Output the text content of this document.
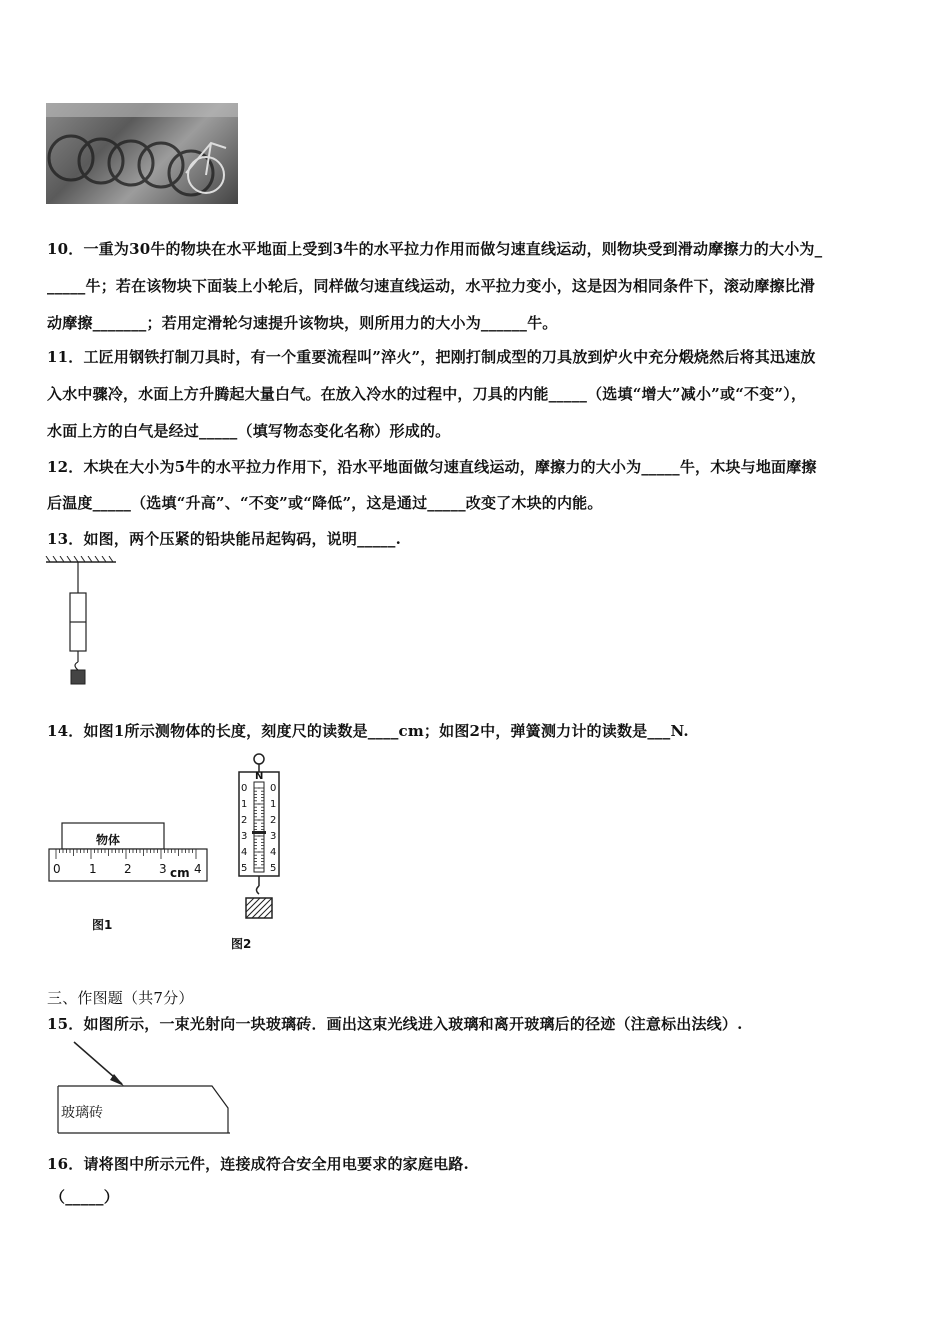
10．一重为30牛的物块在水平地面上受到3牛的水平拉力作用而做匀速直线运动，则物块受到滑动摩擦力的大小为_
_____牛；若在该物块下面装上小轮后，同样做匀速直线运动，水平拉力变小，这是因为相同条件下，滚动摩擦比滑
动摩擦_______；若用定滑轮匀速提升该物块，则所用力的大小为______牛。
11．工匠用钢铁打制刀具时，有一个重要流程叫”淬火”，把刚打制成型的刀具放到炉火中充分煅烧然后将其迅速放
入水中骤冷，水面上方升腾起大量白气。在放入冷水的过程中，刀具的内能_____（选填“增大”减小”或“不变”），
水面上方的白气是经过_____（填写物态变化名称）形成的。
12．木块在大小为5牛的水平拉力作用下，沿水平地面做匀速直线运动，摩擦力的大小为_____牛，木块与地面摩擦
后温度_____（选填“升高”、“不变”或“降低”，这是通过_____改变了木块的内能。
13．如图，两个压紧的铅块能吊起钩码，说明_____.
14．如图1所示测物体的长度，刻度尺的读数是____cm；如图2中，弹簧测力计的读数是___N.
物体
0 1 2 3 4
cm
图1
N
0
1
2
3
4
5
0
1
2
3
4
5
图2
三、作图题（共7分）
15．如图所示，一束光射向一块玻璃砖．画出这束光线进入玻璃和离开玻璃后的径迹（注意标出法线）.
玻璃砖
16．请将图中所示元件，连接成符合安全用电要求的家庭电路.
（_____）
